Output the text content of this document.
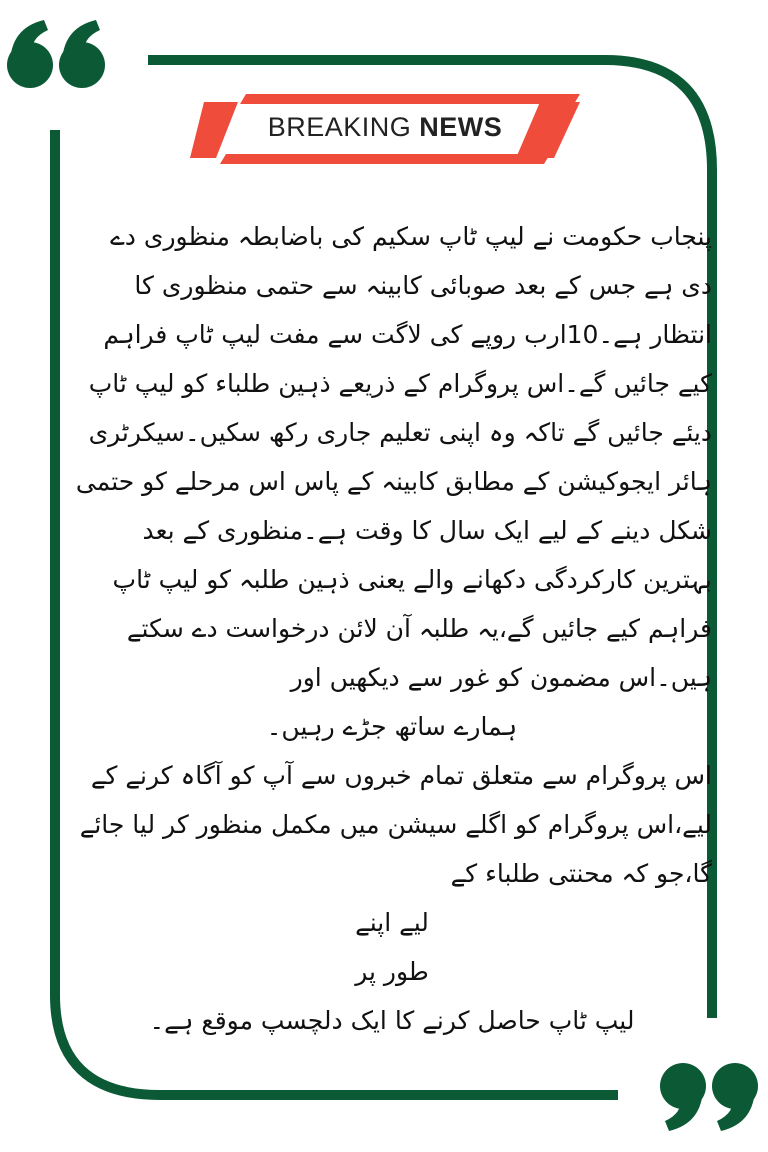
BREAKING NEWS

پنجاب حکومت نے لیپ ٹاپ سکیم کی باضابطہ منظوری دے دی ہے جس کے بعد صوبائی کابینہ سے حتمی منظوری کا انتظار ہے۔10ارب روپے کی لاگت سے مفت لیپ ٹاپ فراہم کیے جائیں گے۔اس پروگرام کے ذریعے ذہین طلباء کو لیپ ٹاپ دیئے جائیں گے تاکہ وہ اپنی تعلیم جاری رکھ سکیں۔سیکرٹری ہائر ایجوکیشن کے مطابق کابینہ کے پاس اس مرحلے کو حتمی شکل دینے کے لیے ایک سال کا وقت ہے۔منظوری کے بعد بہترین کارکردگی دکھانے والے یعنی ذہین طلبہ کو لیپ ٹاپ فراہم کیے جائیں گے،یہ طلبہ آن لائن درخواست دے سکتے ہیں۔اس مضمون کو غور سے دیکھیں اور

ہمارے ساتھ جڑے رہیں۔

اس پروگرام سے متعلق تمام خبروں سے آپ کو آگاہ کرنے کے لیے،اس پروگرام کو اگلے سیشن میں مکمل منظور کر لیا جائے گا،جو کہ محنتی طلباء کے

لیے اپنے

طور پر

لیپ ٹاپ حاصل کرنے کا ایک دلچسپ موقع ہے۔
